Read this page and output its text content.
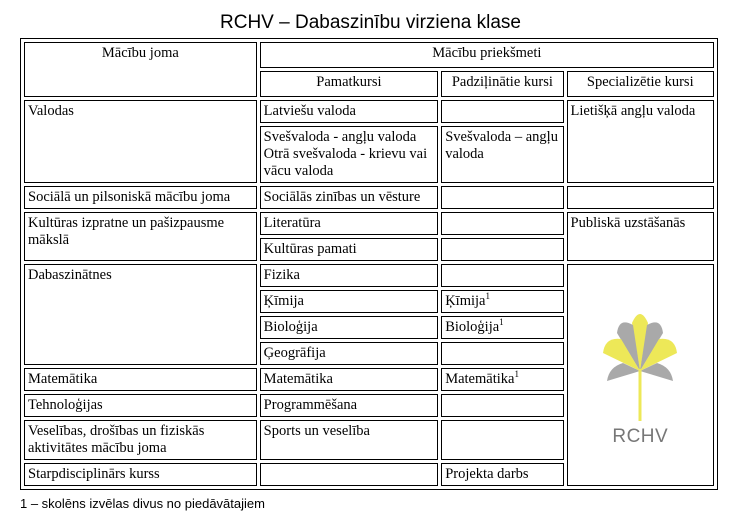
RCHV – Dabaszinību virziena klase
Mācību joma	Mācību priekšmeti		
	Pamatkursi	Padziļinātie kursi	Specializētie kursi
Valodas	Latviešu valoda		Lietišķā angļu valoda
	Svešvaloda - angļu valoda Otrā svešvaloda - krievu vai vācu valoda	Svešvaloda – angļu valoda	
Sociālā un pilsoniskā mācību joma	Sociālās zinības un vēsture		
Kultūras izpratne un pašizpausme mākslā	Literatūra		Publiskā uzstāšanās
	Kultūras pamati		
Dabaszinātnes	Fizika		RCHV

	Ķīmija	Ķīmija$^1$
	Bioloģija	Bioloģija$^1$
	Ģeogrāfija		
Matemātika	Matemātika	Matemātika$^1$
Tehnoloģijas	Programmēšana		
Veselības, drošības un fiziskās aktivitātes mācību joma	Sports un veselība		
Starpdisciplinārs kurss		Projekta darbs	
1 – skolēns izvēlas divus no piedāvātajiem
